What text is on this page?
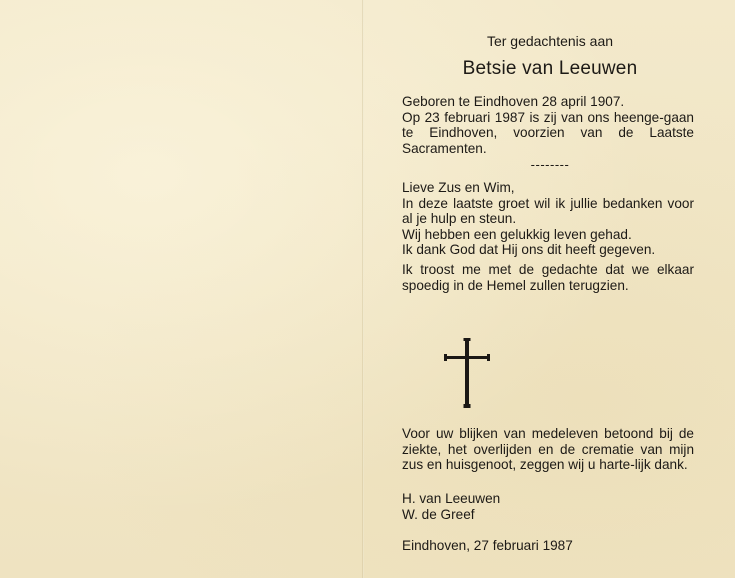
Ter gedachtenis aan
Betsie van Leeuwen

Geboren te Eindhoven 28 april 1907.

Op 23 februari 1987 is zij van ons heenge-gaan te Eindhoven, voorzien van de Laatste Sacramenten.

--------

Lieve Zus en Wim,

In deze laatste groet wil ik jullie bedanken voor al je hulp en steun.

Wij hebben een gelukkig leven gehad.

Ik dank God dat Hij ons dit heeft gegeven.

Ik troost me met de gedachte dat we elkaar spoedig in de Hemel zullen terugzien.

Voor uw blijken van medeleven betoond bij de ziekte, het overlijden en de crematie van mijn zus en huisgenoot, zeggen wij u harte-lijk dank.

H. van Leeuwen

W. de Greef

Eindhoven, 27 februari 1987
